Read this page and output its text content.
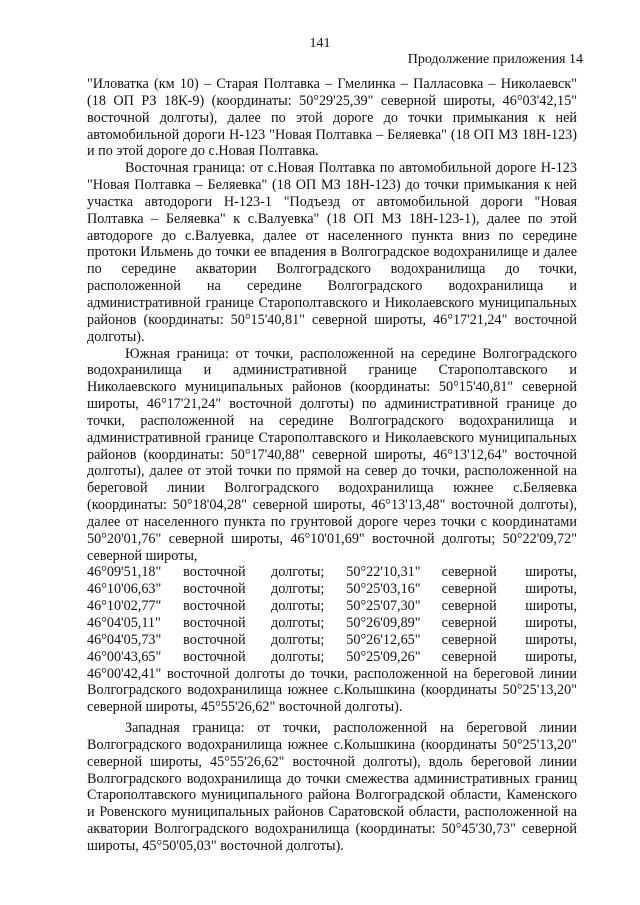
141
Продолжение приложения 14

"Иловатка (км 10) – Старая Полтавка – Гмелинка – Палласовка – Николаевск" (18 ОП РЗ 18К-9) (координаты: 50°29'25,39" северной широты, 46°03'42,15" восточной долготы), далее по этой дороге до точки примыкания к ней автомобильной дороги Н-123 "Новая Полтавка – Беляевка" (18 ОП МЗ 18Н-123) и по этой дороге до с.Новая Полтавка.

Восточная граница: от с.Новая Полтавка по автомобильной дороге Н-123 "Новая Полтавка – Беляевка" (18 ОП МЗ 18Н-123) до точки примыкания к ней участка автодороги Н-123-1 "Подъезд от автомобильной дороги "Новая Полтавка – Беляевка" к с.Валуевка" (18 ОП МЗ 18Н-123-1), далее по этой автодороге до с.Валуевка, далее от населенного пункта вниз по середине протоки Ильмень до точки ее впадения в Волгоградское водохранилище и далее по середине акватории Волгоградского водохранилища до точки, расположенной на середине Волгоградского водохранилища и административной границе Старополтавского и Николаевского муниципальных районов (координаты: 50°15'40,81" северной широты, 46°17'21,24" восточной долготы).

Южная граница: от точки, расположенной на середине Волгоградского водохранилища и административной границе Старополтавского и Николаевского муниципальных районов (координаты: 50°15'40,81" северной широты, 46°17'21,24" восточной долготы) по административной границе до точки, расположенной на середине Волгоградского водохранилища и административной границе Старополтавского и Николаевского муниципальных районов (координаты: 50°17'40,88" северной широты, 46°13'12,64" восточной долготы), далее от этой точки по прямой на север до точки, расположенной на береговой линии Волгоградского водохранилища южнее с.Беляевка (координаты: 50°18'04,28" северной широты, 46°13'13,48" восточной долготы), далее от населенного пункта по грунтовой дороге через точки с координатами 50°20'01,76" северной широты, 46°10'01,69" восточной долготы; 50°22'09,72" северной широты,

46°09'51,18"	восточной	долготы;	50°22'10,31"	северной	широты,
46°10'06,63"	восточной	долготы;	50°25'03,16"	северной	широты,
46°10'02,77"	восточной	долготы;	50°25'07,30"	северной	широты,
46°04'05,11"	восточной	долготы;	50°26'09,89"	северной	широты,
46°04'05,73"	восточной	долготы;	50°26'12,65"	северной	широты,
46°00'43,65"	восточной	долготы;	50°25'09,26"	северной	широты,

46°00'42,41" восточной долготы до точки, расположенной на береговой линии Волгоградского водохранилища южнее с.Колышкина (координаты 50°25'13,20" северной широты, 45°55'26,62" восточной долготы).

Западная граница: от точки, расположенной на береговой линии Волгоградского водохранилища южнее с.Колышкина (координаты 50°25'13,20" северной широты, 45°55'26,62" восточной долготы), вдоль береговой линии Волгоградского водохранилища до точки смежества административных границ Старополтавского муниципального района Волгоградской области, Каменского и Ровенского муниципальных районов Саратовской области, расположенной на акватории Волгоградского водохранилища (координаты: 50°45'30,73" северной широты, 45°50'05,03" восточной долготы).
